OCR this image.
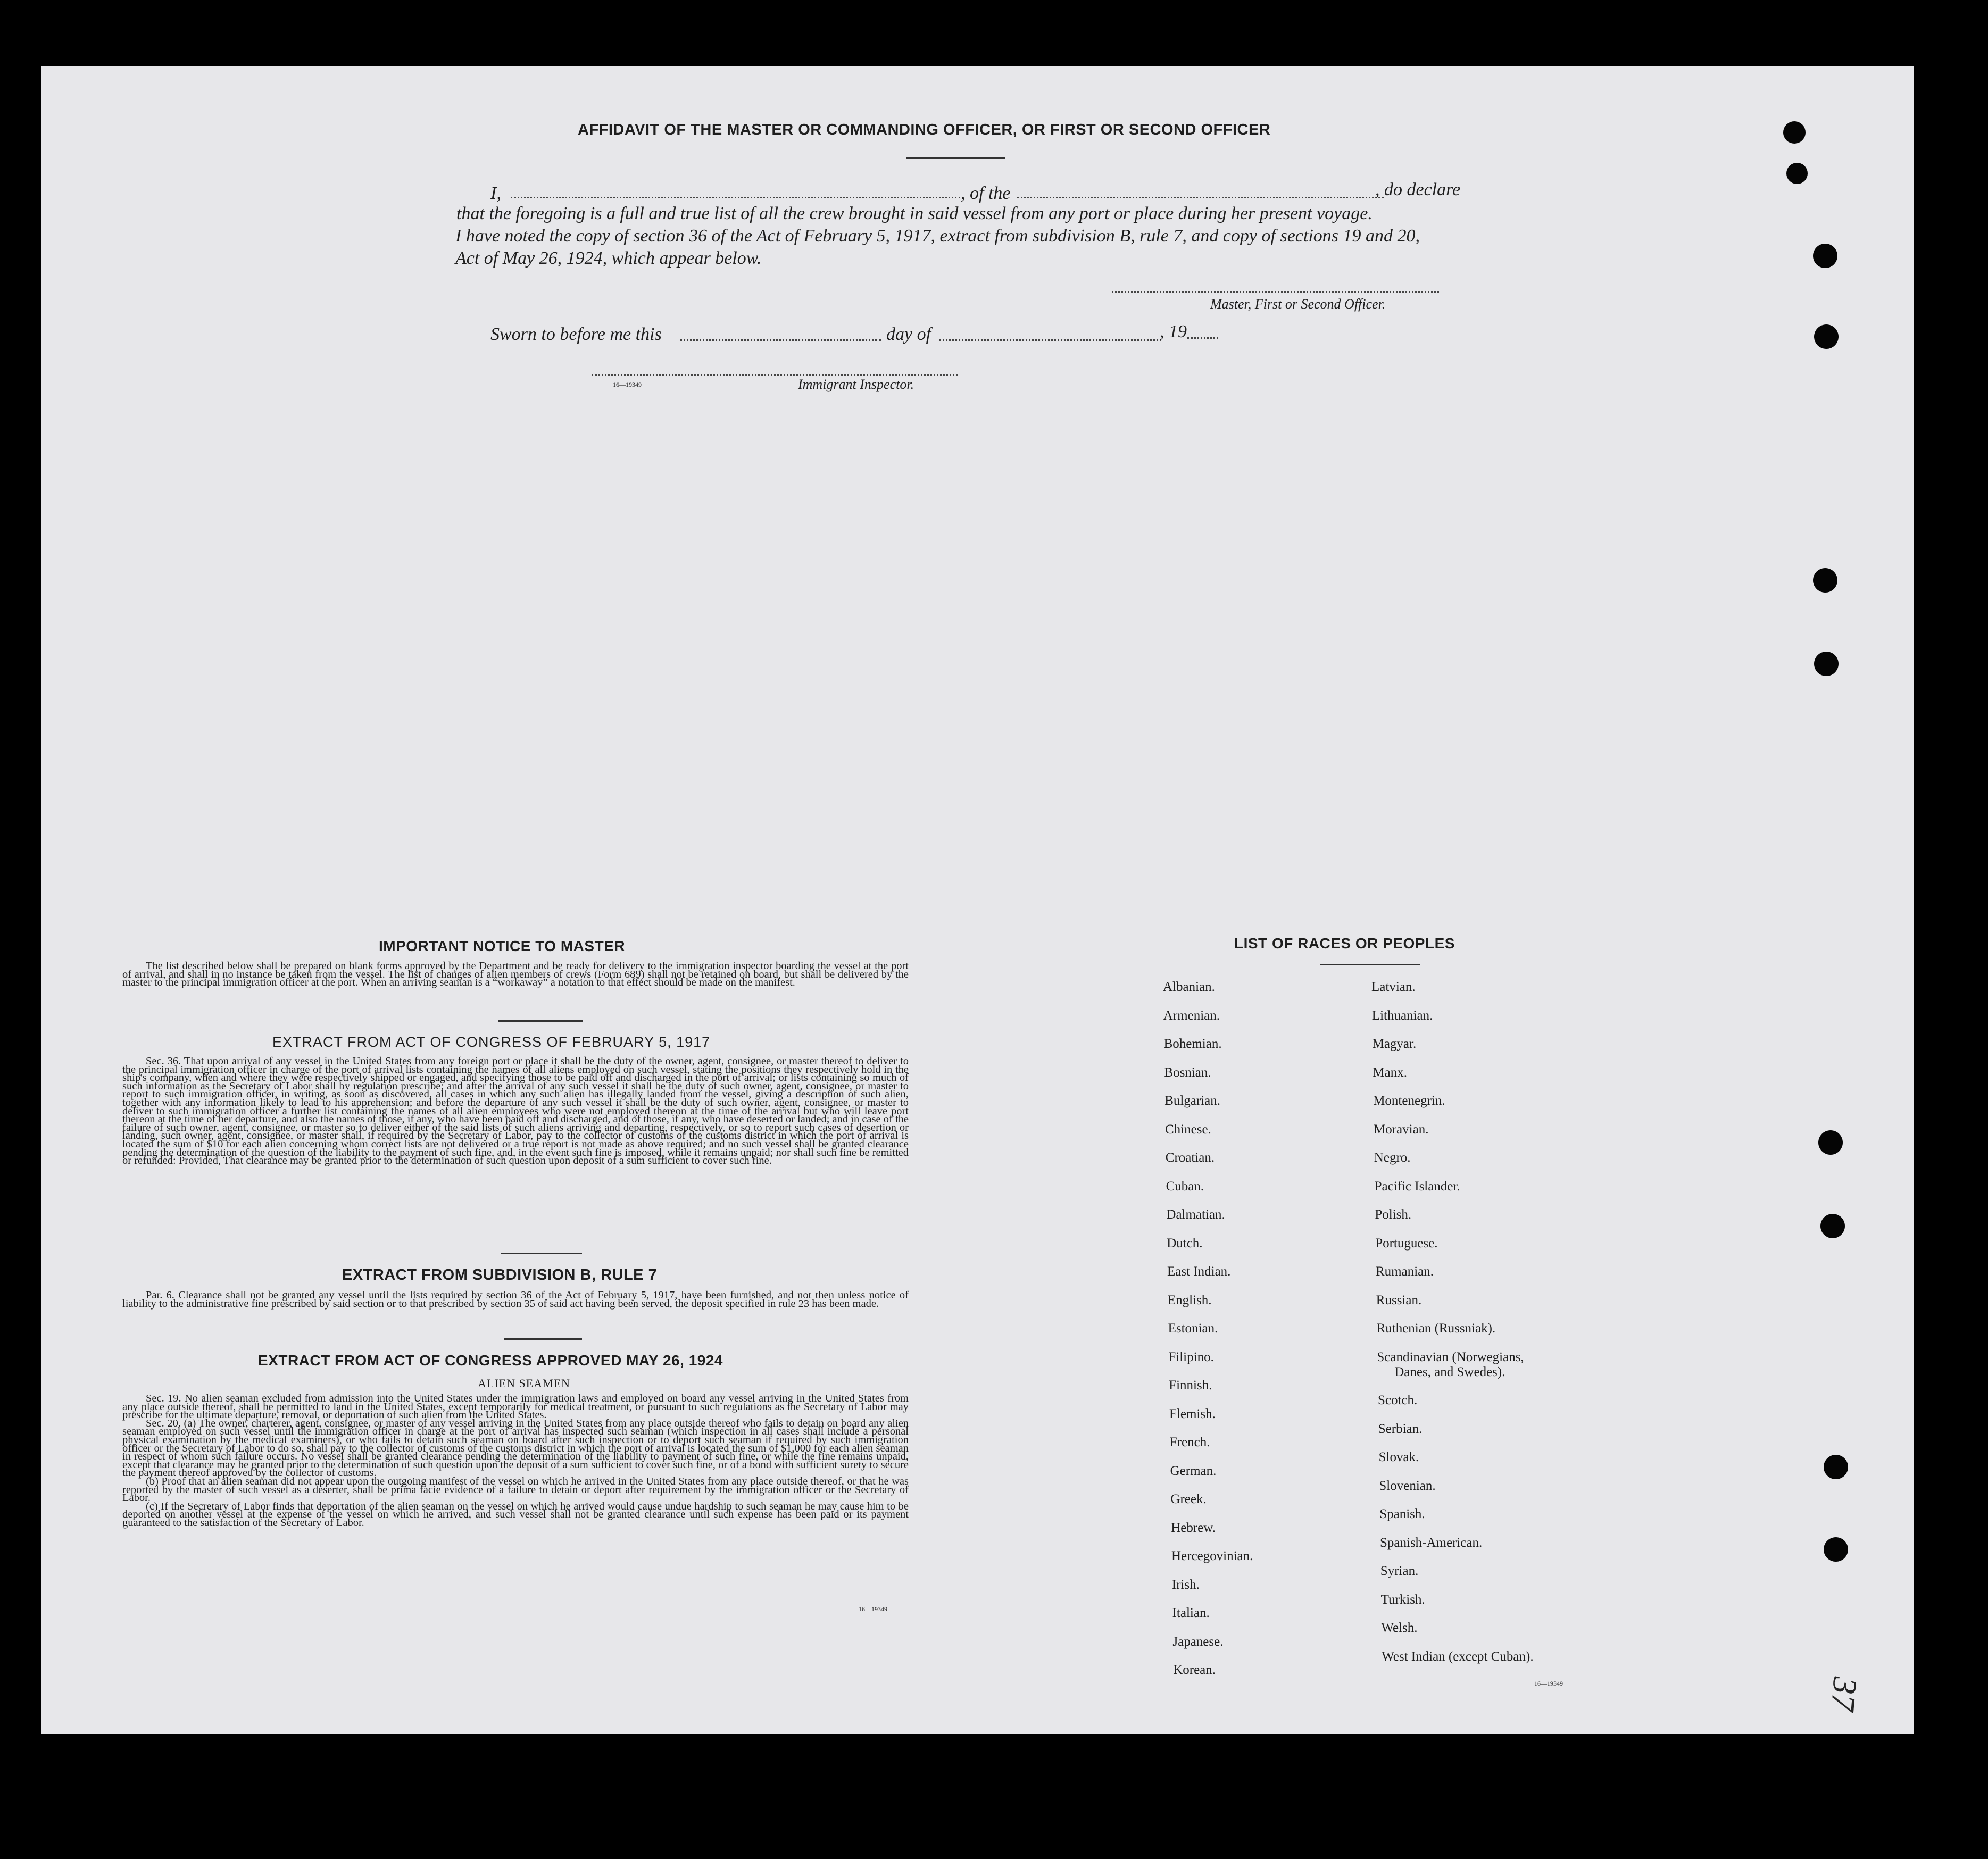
AFFIDAVIT OF THE MASTER OR COMMANDING OFFICER, OR FIRST OR SECOND OFFICER
I,	, of the	, do declare
that the foregoing is a full and true list of all the crew brought in said vessel from any port or place during her present voyage.
I have noted the copy of section 36 of the Act of February 5, 1917, extract from subdivision B, rule 7, and copy of sections 19 and 20,
Act of May 26, 1924, which appear below.
Master, First or Second Officer.
Sworn to before me this	day of	, 19
16—19349	Immigrant Inspector.
IMPORTANT NOTICE TO MASTER

The list described below shall be prepared on blank forms approved by the Department and be ready for delivery to the immigration inspector boarding the vessel at the port of arrival, and shall in no instance be taken from the vessel. The list of changes of alien members of crews (Form 689) shall not be retained on board, but shall be delivered by the master to the principal immigration officer at the port. When an arriving seaman is a “workaway” a notation to that effect should be made on the manifest.

EXTRACT FROM ACT OF CONGRESS OF FEBRUARY 5, 1917

Sec. 36. That upon arrival of any vessel in the United States from any foreign port or place it shall be the duty of the owner, agent, consignee, or master thereof to deliver to the principal immigration officer in charge of the port of arrival lists containing the names of all aliens employed on such vessel, stating the positions they respectively hold in the ship's company, when and where they were respectively shipped or engaged, and specifying those to be paid off and discharged in the port of arrival; or lists containing so much of such information as the Secretary of Labor shall by regulation prescribe; and after the arrival of any such vessel it shall be the duty of such owner, agent, consignee, or master to report to such immigration officer, in writing, as soon as discovered, all cases in which any such alien has illegally landed from the vessel, giving a description of such alien, together with any information likely to lead to his apprehension; and before the departure of any such vessel it shall be the duty of such owner, agent, consignee, or master to deliver to such immigration officer a further list containing the names of all alien employees who were not employed thereon at the time of the arrival but who will leave port thereon at the time of her departure, and also the names of those, if any, who have been paid off and discharged, and of those, if any, who have deserted or landed; and in case of the failure of such owner, agent, consignee, or master so to deliver either of the said lists of such aliens arriving and departing, respectively, or so to report such cases of desertion or landing, such owner, agent, consignee, or master shall, if required by the Secretary of Labor, pay to the collector of customs of the customs district in which the port of arrival is located the sum of $10 for each alien concerning whom correct lists are not delivered or a true report is not made as above required; and no such vessel shall be granted clearance pending the determination of the question of the liability to the payment of such fine, and, in the event such fine is imposed, while it remains unpaid; nor shall such fine be remitted or refunded: Provided, That clearance may be granted prior to the determination of such question upon deposit of a sum sufficient to cover such fine.

EXTRACT FROM SUBDIVISION B, RULE 7

Par. 6. Clearance shall not be granted any vessel until the lists required by section 36 of the Act of February 5, 1917, have been furnished, and not then unless notice of liability to the administrative fine prescribed by said section or to that prescribed by section 35 of said act having been served, the deposit specified in rule 23 has been made.

EXTRACT FROM ACT OF CONGRESS APPROVED MAY 26, 1924
ALIEN SEAMEN

Sec. 19. No alien seaman excluded from admission into the United States under the immigration laws and employed on board any vessel arriving in the United States from any place outside thereof, shall be permitted to land in the United States, except temporarily for medical treatment, or pursuant to such regulations as the Secretary of Labor may prescribe for the ultimate departure, removal, or deportation of such alien from the United States.

Sec. 20. (a) The owner, charterer, agent, consignee, or master of any vessel arriving in the United States from any place outside thereof who fails to detain on board any alien seaman employed on such vessel until the immigration officer in charge at the port of arrival has inspected such seaman (which inspection in all cases shall include a personal physical examination by the medical examiners), or who fails to detain such seaman on board after such inspection or to deport such seaman if required by such immigration officer or the Secretary of Labor to do so, shall pay to the collector of customs of the customs district in which the port of arrival is located the sum of $1,000 for each alien seaman in respect of whom such failure occurs. No vessel shall be granted clearance pending the determination of the liability to payment of such fine, or while the fine remains unpaid, except that clearance may be granted prior to the determination of such question upon the deposit of a sum sufficient to cover such fine, or of a bond with sufficient surety to secure the payment thereof approved by the collector of customs.

(b) Proof that an alien seaman did not appear upon the outgoing manifest of the vessel on which he arrived in the United States from any place outside thereof, or that he was reported by the master of such vessel as a deserter, shall be prima facie evidence of a failure to detain or deport after requirement by the immigration officer or the Secretary of Labor.

(c) If the Secretary of Labor finds that deportation of the alien seaman on the vessel on which he arrived would cause undue hardship to such seaman he may cause him to be deported on another vessel at the expense of the vessel on which he arrived, and such vessel shall not be granted clearance until such expense has been paid or its payment guaranteed to the satisfaction of the Secretary of Labor.

16—19349
LIST OF RACES OR PEOPLES
Albanian.
Armenian.
Bohemian.
Bosnian.
Bulgarian.
Chinese.
Croatian.
Cuban.
Dalmatian.
Dutch.
East Indian.
English.
Estonian.
Filipino.
Finnish.
Flemish.
French.
German.
Greek.
Hebrew.
Hercegovinian.
Irish.
Italian.
Japanese.
Korean.
Latvian.
Lithuanian.
Magyar.
Manx.
Montenegrin.
Moravian.
Negro.
Pacific Islander.
Polish.
Portuguese.
Rumanian.
Russian.
Ruthenian (Russniak).
Scandinavian (Norwegians,
Danes, and Swedes).
Scotch.
Serbian.
Slovak.
Slovenian.
Spanish.
Spanish-American.
Syrian.
Turkish.
Welsh.
West Indian (except Cuban).
16—19349	37
